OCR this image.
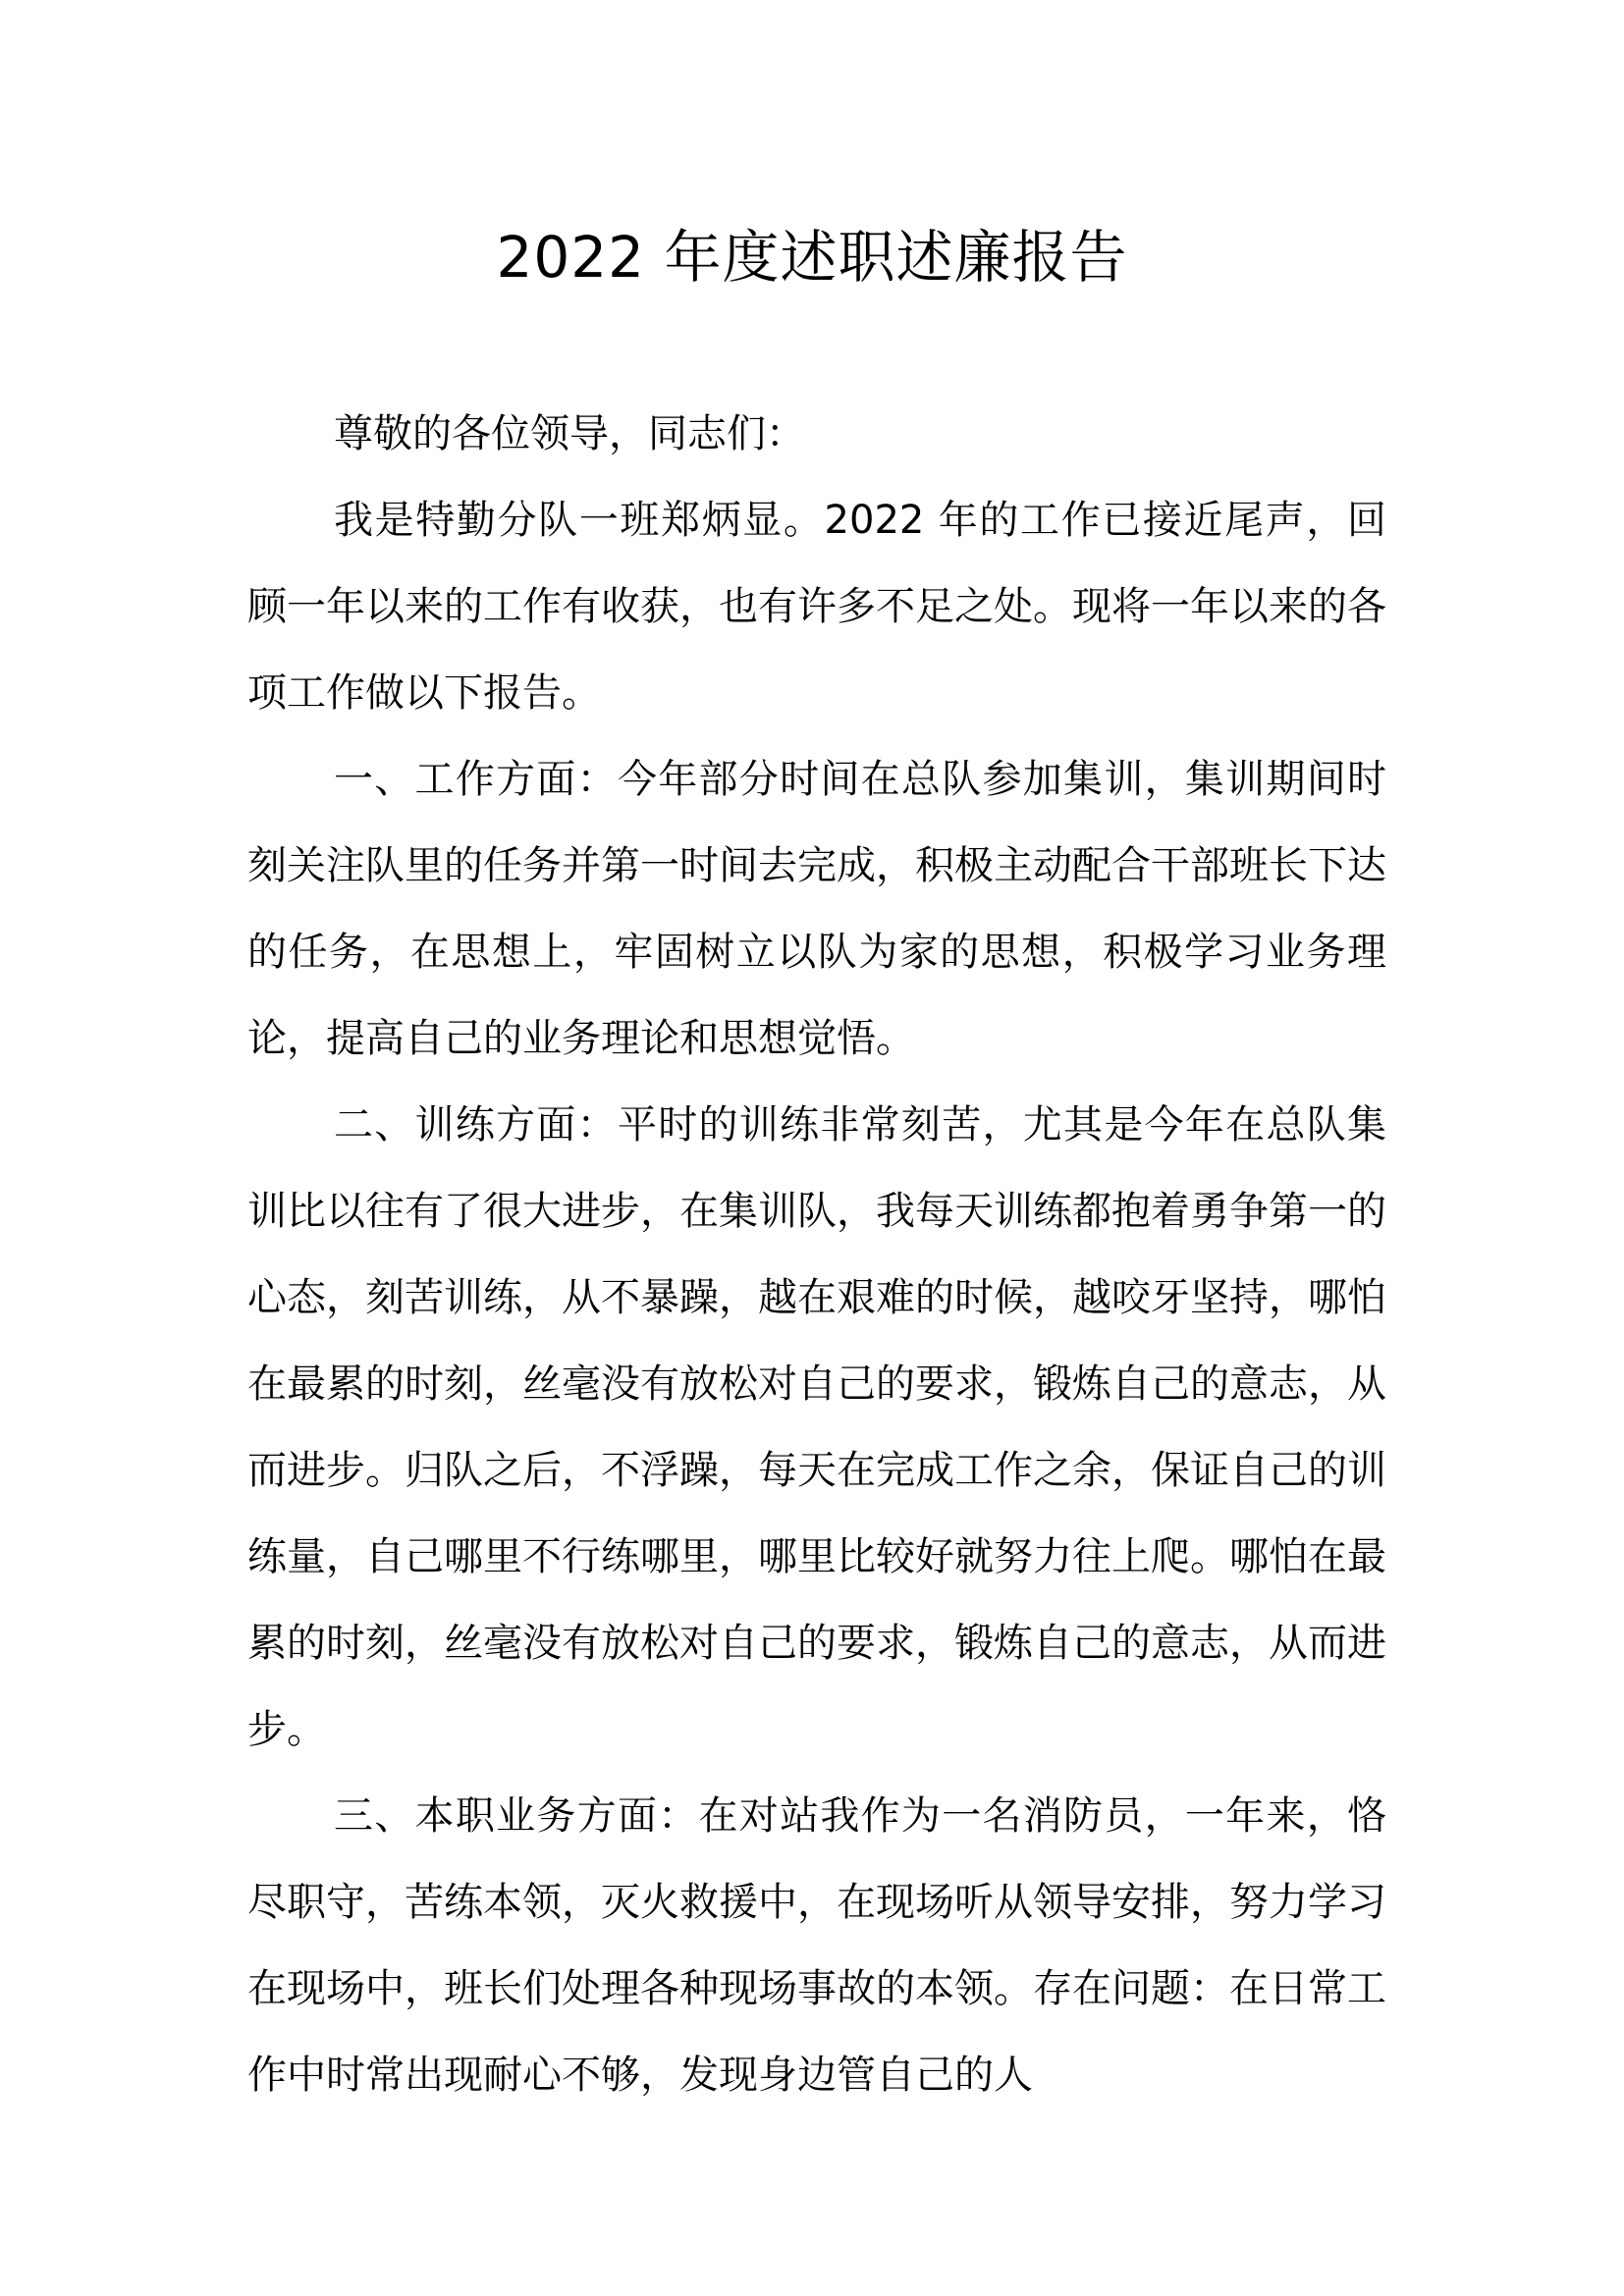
2022 年度述职述廉报告

尊敬的各位领导，同志们：

我是特勤分队一班郑炳显。2022 年的工作已接近尾声，回顾一年以来的工作有收获，也有许多不足之处。现将一年以来的各项工作做以下报告。

一、工作方面：今年部分时间在总队参加集训，集训期间时刻关注队里的任务并第一时间去完成，积极主动配合干部班长下达的任务，在思想上，牢固树立以队为家的思想，积极学习业务理论，提高自己的业务理论和思想觉悟。

二、训练方面：平时的训练非常刻苦，尤其是今年在总队集训比以往有了很大进步，在集训队，我每天训练都抱着勇争第一的心态，刻苦训练，从不暴躁，越在艰难的时候，越咬牙坚持，哪怕在最累的时刻，丝毫没有放松对自己的要求，锻炼自己的意志，从而进步。归队之后，不浮躁，每天在完成工作之余，保证自己的训练量，自己哪里不行练哪里，哪里比较好就努力往上爬。哪怕在最累的时刻，丝毫没有放松对自己的要求，锻炼自己的意志，从而进步。

三、本职业务方面：在对站我作为一名消防员，一年来，恪尽职守，苦练本领，灭火救援中，在现场听从领导安排，努力学习在现场中，班长们处理各种现场事故的本领。存在问题：在日常工作中时常出现耐心不够，发现身边管自己的人
